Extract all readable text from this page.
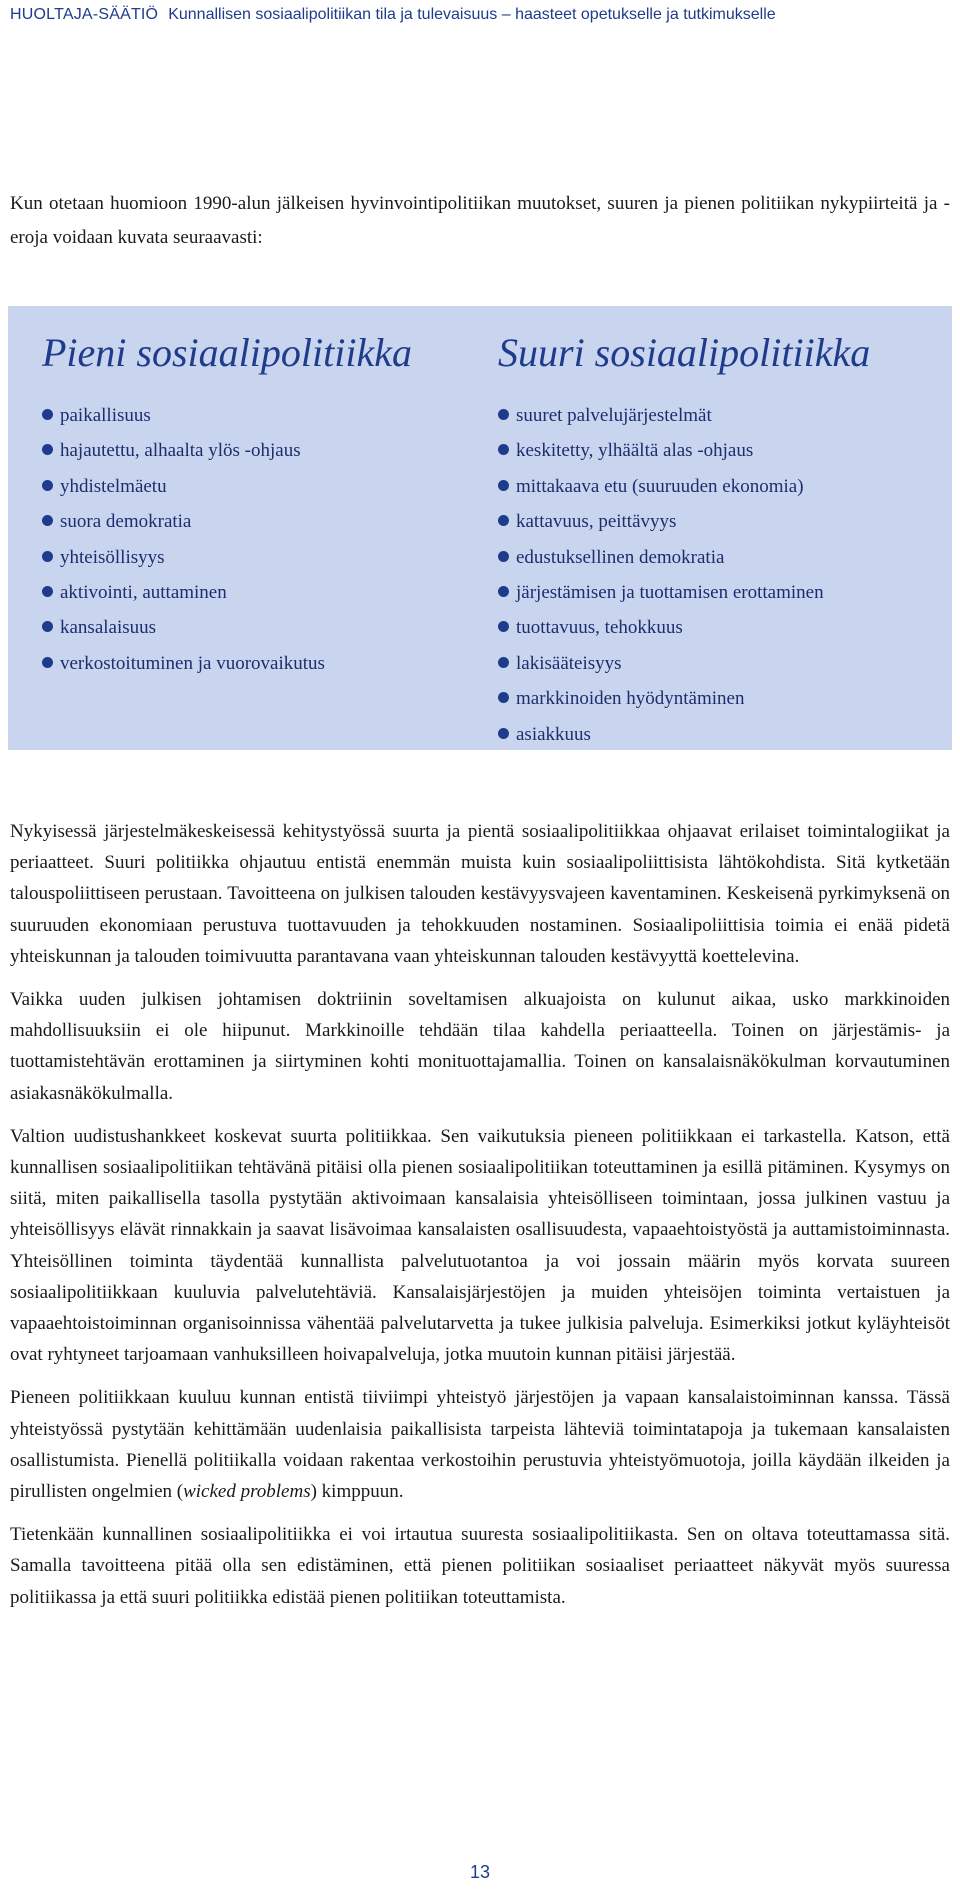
HUOLTAJA-SÄÄTIÖ Kunnallisen sosiaalipolitiikan tila ja tulevaisuus – haasteet opetukselle ja tutkimukselle
Kun otetaan huomioon 1990-alun jälkeisen hyvinvointipolitiikan muutokset, suuren ja pienen politiikan nykypiirteitä ja -eroja voidaan kuvata seuraavasti:
Pieni sosiaalipolitiikka
paikallisuus
hajautettu, alhaalta ylös -ohjaus
yhdistelmäetu
suora demokratia
yhteisöllisyys
aktivointi, auttaminen
kansalaisuus
verkostoituminen ja vuorovaikutus
Suuri sosiaalipolitiikka
suuret palvelujärjestelmät
keskitetty, ylhäältä alas -ohjaus
mittakaava etu (suuruuden ekonomia)
kattavuus, peittävyys
edustuksellinen demokratia
järjestämisen ja tuottamisen erottaminen
tuottavuus, tehokkuus
lakisääteisyys
markkinoiden hyödyntäminen
asiakkuus

Nykyisessä järjestelmäkeskeisessä kehitystyössä suurta ja pientä sosiaalipolitiikkaa ohjaavat erilaiset toimintalogiikat ja periaatteet. Suuri politiikka ohjautuu entistä enemmän muista kuin sosiaalipoliittisista lähtökohdista. Sitä kytketään talouspoliittiseen perustaan. Tavoitteena on julkisen talouden kestävyysvajeen kaventaminen. Keskeisenä pyrkimyksenä on suuruuden ekonomiaan perustuva tuottavuuden ja tehokkuuden nostaminen. Sosiaalipoliittisia toimia ei enää pidetä yhteiskunnan ja talouden toimivuutta parantavana vaan yhteiskunnan talouden kestävyyttä koettelevina.

Vaikka uuden julkisen johtamisen doktriinin soveltamisen alkuajoista on kulunut aikaa, usko markkinoiden mahdollisuuksiin ei ole hiipunut. Markkinoille tehdään tilaa kahdella periaatteella. Toinen on järjestämis- ja tuottamistehtävän erottaminen ja siirtyminen kohti monituottajamallia. Toinen on kansalaisnäkökulman korvautuminen asiakasnäkökulmalla.

Valtion uudistushankkeet koskevat suurta politiikkaa. Sen vaikutuksia pieneen politiikkaan ei tarkastella. Katson, että kunnallisen sosiaalipolitiikan tehtävänä pitäisi olla pienen sosiaalipolitiikan toteuttaminen ja esillä pitäminen. Kysymys on siitä, miten paikallisella tasolla pystytään aktivoimaan kansalaisia yhteisölliseen toimintaan, jossa julkinen vastuu ja yhteisöllisyys elävät rinnakkain ja saavat lisävoimaa kansalaisten osallisuudesta, vapaaehtoistyöstä ja auttamistoiminnasta. Yhteisöllinen toiminta täydentää kunnallista palvelutuotantoa ja voi jossain määrin myös korvata suureen sosiaalipolitiikkaan kuuluvia palvelutehtäviä. Kansalaisjärjestöjen ja muiden yhteisöjen toiminta vertaistuen ja vapaaehtoistoiminnan organisoinnissa vähentää palvelutarvetta ja tukee julkisia palveluja. Esimerkiksi jotkut kyläyhteisöt ovat ryhtyneet tarjoamaan vanhuksilleen hoivapalveluja, jotka muutoin kunnan pitäisi järjestää.

Pieneen politiikkaan kuuluu kunnan entistä tiiviimpi yhteistyö järjestöjen ja vapaan kansalaistoiminnan kanssa. Tässä yhteistyössä pystytään kehittämään uudenlaisia paikallisista tarpeista lähteviä toimintatapoja ja tukemaan kansalaisten osallistumista. Pienellä politiikalla voidaan rakentaa verkostoihin perustuvia yhteistyömuotoja, joilla käydään ilkeiden ja pirullisten ongelmien (wicked problems) kimppuun.

Tietenkään kunnallinen sosiaalipolitiikka ei voi irtautua suuresta sosiaalipolitiikasta. Sen on oltava toteuttamassa sitä. Samalla tavoitteena pitää olla sen edistäminen, että pienen politiikan sosiaaliset periaatteet näkyvät myös suuressa politiikassa ja että suuri politiikka edistää pienen politiikan toteuttamista.

13
